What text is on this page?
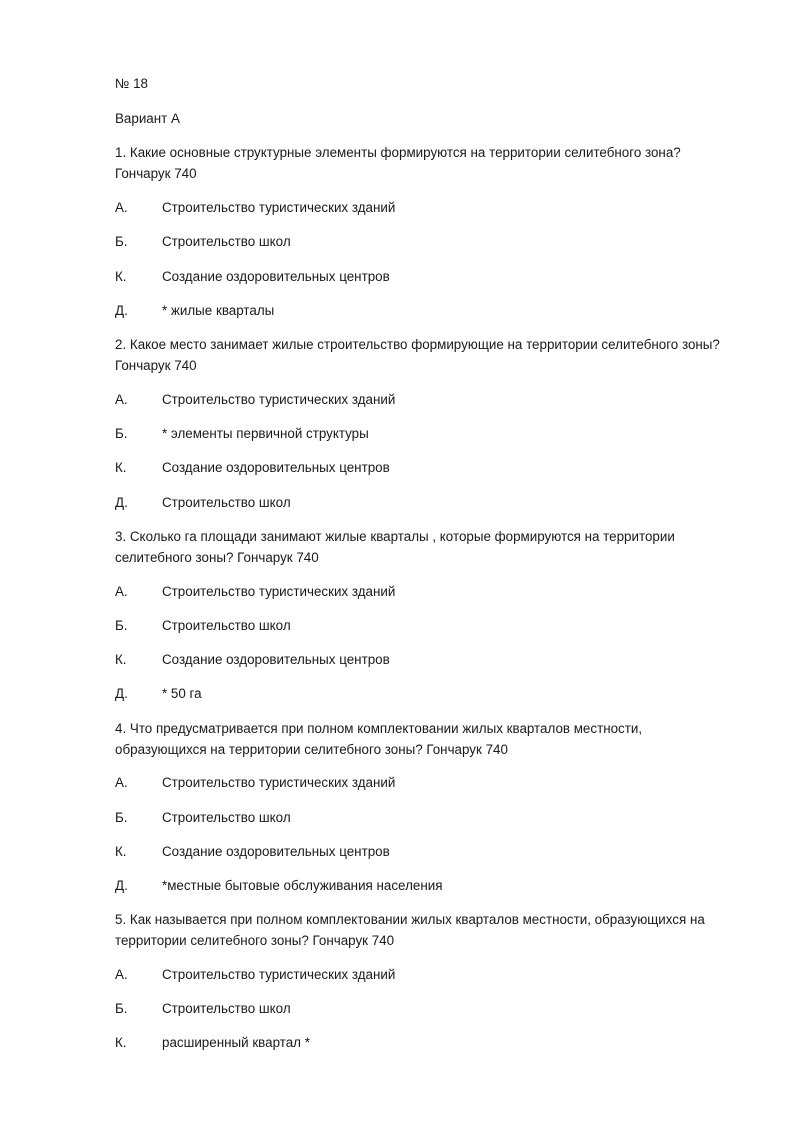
№ 18
Вариант А
1. Какие основные структурные элементы формируются на территории селитебного зона?
Гончарук 740
А.	Строительство туристических зданий
Б.	Строительство школ
К.	Создание оздоровительных центров
Д.	* жилые кварталы
2. Какое место занимает жилые строительство формирующие на территории селитебного зоны?
Гончарук 740
А.	Строительство туристических зданий
Б.	* элементы первичной структуры
К.	Создание оздоровительных центров
Д.	Строительство школ
3. Сколько га площади занимают жилые кварталы , которые формируются на территории
селитебного зоны? Гончарук 740
А.	Строительство туристических зданий
Б.	Строительство школ
К.	Создание оздоровительных центров
Д.	* 50 га
4. Что предусматривается при полном комплектовании жилых кварталов местности,
образующихся на территории селитебного зоны? Гончарук 740
А.	Строительство туристических зданий
Б.	Строительство школ
К.	Создание оздоровительных центров
Д.	*местные бытовые обслуживания населения
5. Как называется при полном комплектовании жилых кварталов местности, образующихся на
территории селитебного зоны? Гончарук 740
А.	Строительство туристических зданий
Б.	Строительство школ
К.	расширенный квартал *
